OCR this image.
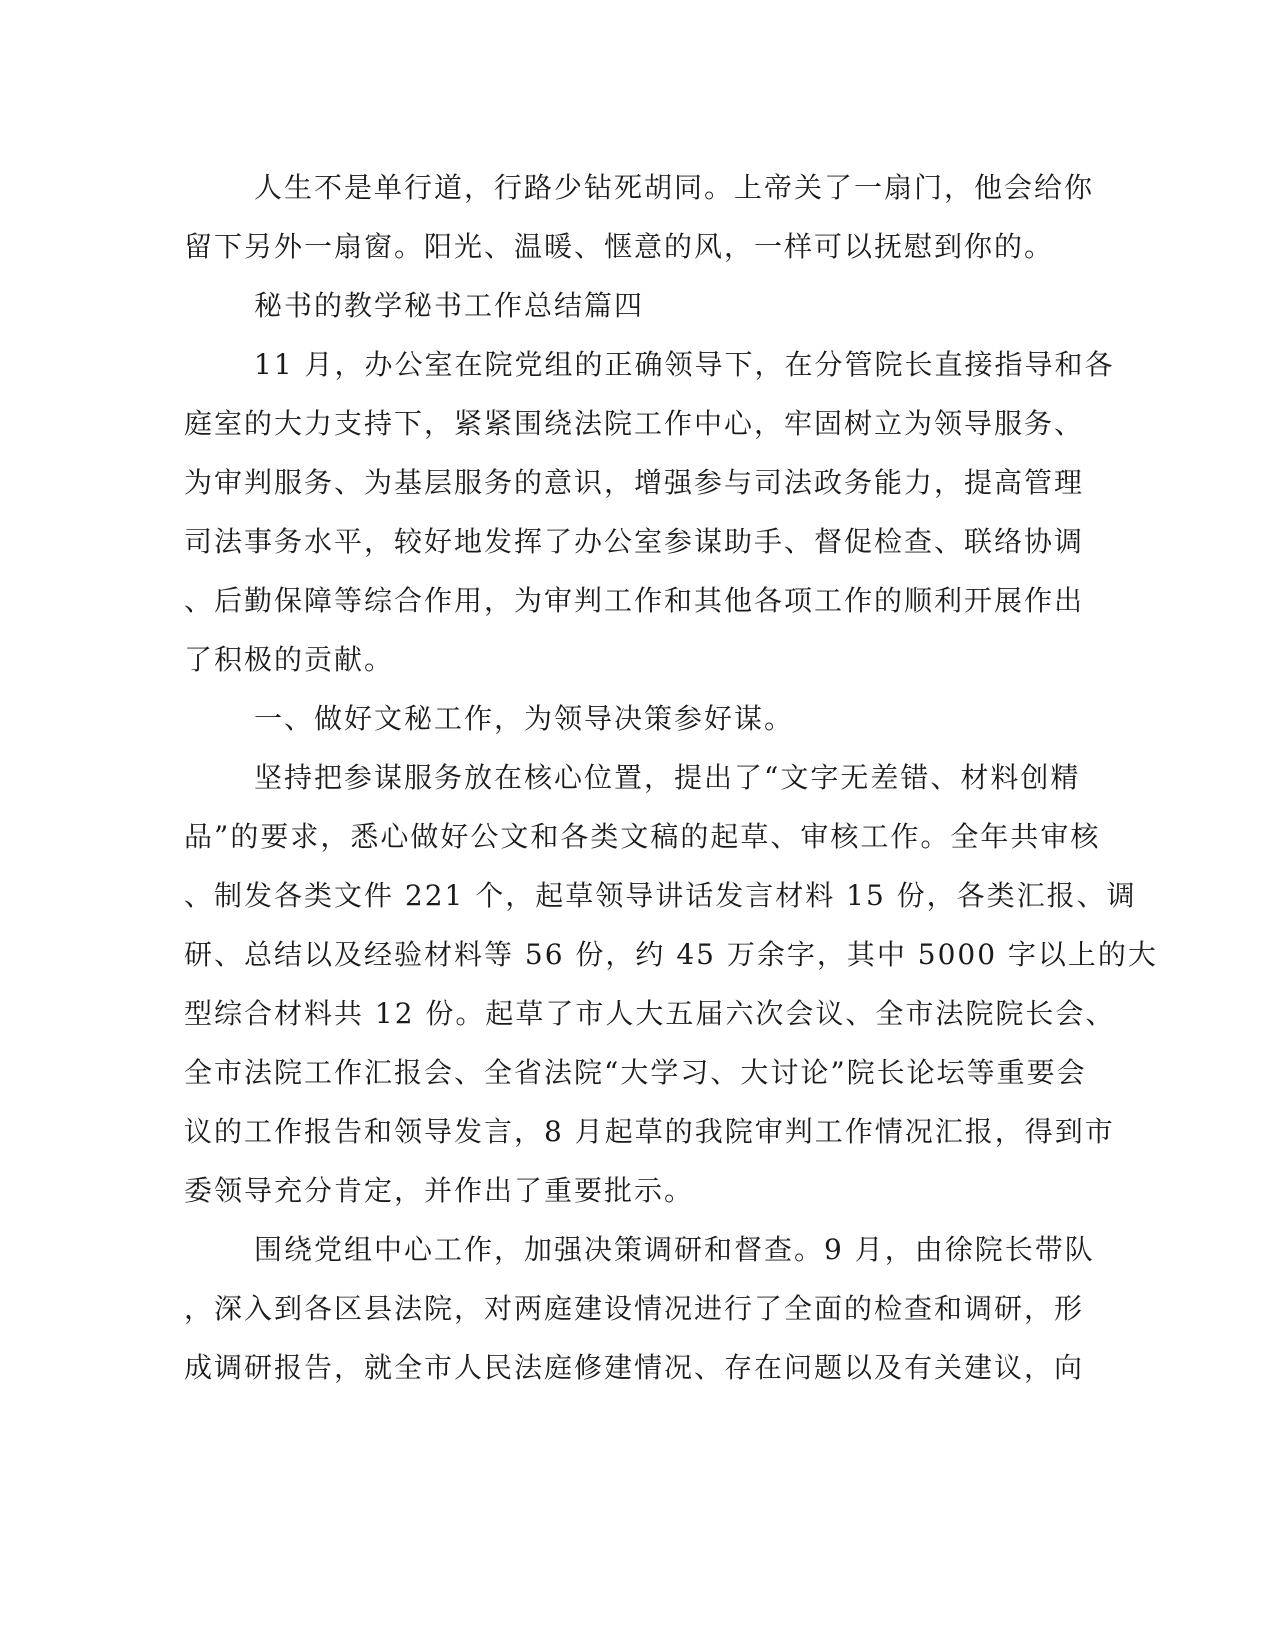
人生不是单行道，行路少钻死胡同。上帝关了一扇门，他会给你
留下另外一扇窗。阳光、温暖、惬意的风，一样可以抚慰到你的。
秘书的教学秘书工作总结篇四
11 月，办公室在院党组的正确领导下，在分管院长直接指导和各
庭室的大力支持下，紧紧围绕法院工作中心，牢固树立为领导服务、
为审判服务、为基层服务的意识，增强参与司法政务能力，提高管理
司法事务水平，较好地发挥了办公室参谋助手、督促检查、联络协调
、后勤保障等综合作用，为审判工作和其他各项工作的顺利开展作出
了积极的贡献。
一、做好文秘工作，为领导决策参好谋。
坚持把参谋服务放在核心位置，提出了“文字无差错、材料创精
品”的要求，悉心做好公文和各类文稿的起草、审核工作。全年共审核
、制发各类文件 221 个，起草领导讲话发言材料 15 份，各类汇报、调
研、总结以及经验材料等 56 份，约 45 万余字，其中 5000 字以上的大
型综合材料共 12 份。起草了市人大五届六次会议、全市法院院长会、
全市法院工作汇报会、全省法院“大学习、大讨论”院长论坛等重要会
议的工作报告和领导发言，8 月起草的我院审判工作情况汇报，得到市
委领导充分肯定，并作出了重要批示。
围绕党组中心工作，加强决策调研和督查。9 月，由徐院长带队
，深入到各区县法院，对两庭建设情况进行了全面的检查和调研，形
成调研报告，就全市人民法庭修建情况、存在问题以及有关建议，向
